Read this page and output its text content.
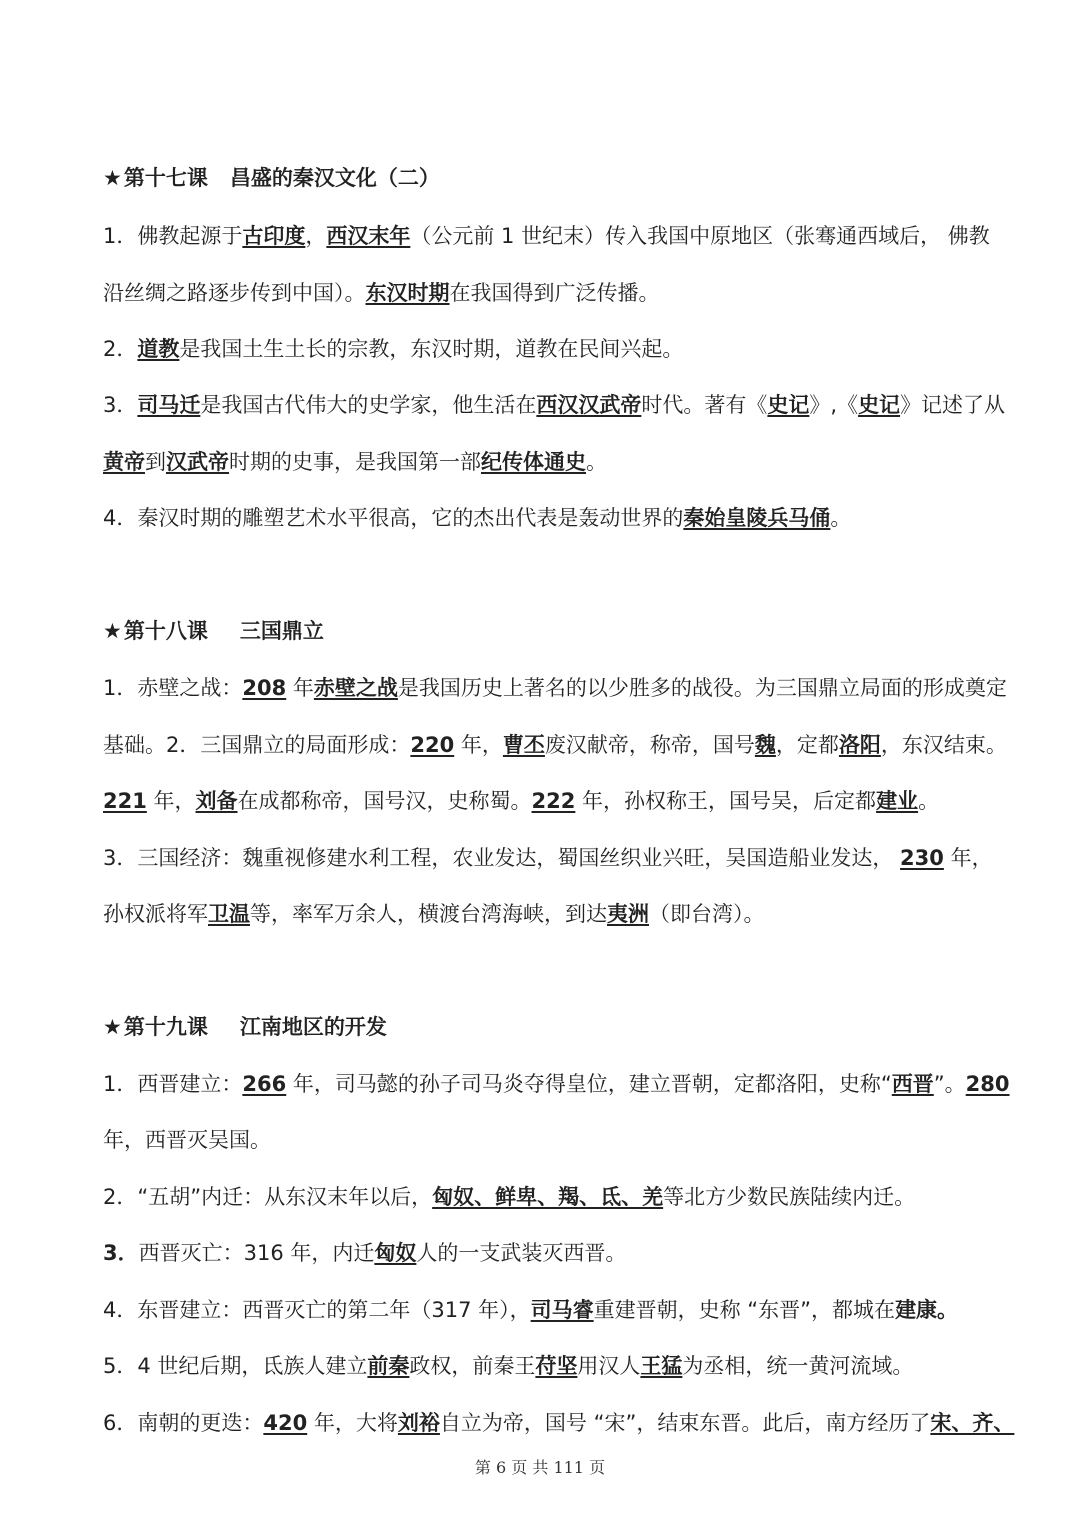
★第十七课 昌盛的秦汉文化（二）

1．佛教起源于古印度，西汉末年（公元前 1 世纪末）传入我国中原地区（张骞通西域后， 佛教

沿丝绸之路逐步传到中国）。东汉时期在我国得到广泛传播。

2．道教是我国土生土长的宗教，东汉时期，道教在民间兴起。

3．司马迁是我国古代伟大的史学家，他生活在西汉汉武帝时代。著有《史记》,《史记》记述了从

黄帝到汉武帝时期的史事，是我国第一部纪传体通史。

4．秦汉时期的雕塑艺术水平很高，它的杰出代表是轰动世界的秦始皇陵兵马俑。

★第十八课 三国鼎立

1．赤壁之战：208 年赤壁之战是我国历史上著名的以少胜多的战役。为三国鼎立局面的形成奠定

基础。2．三国鼎立的局面形成：220 年，曹丕废汉献帝，称帝，国号魏，定都洛阳，东汉结束。

221 年，刘备在成都称帝，国号汉，史称蜀。222 年，孙权称王，国号吴，后定都建业。

3．三国经济：魏重视修建水利工程，农业发达，蜀国丝织业兴旺，吴国造船业发达， 230 年，

孙权派将军卫温等，率军万余人，横渡台湾海峡，到达夷洲（即台湾）。

★第十九课 江南地区的开发

1．西晋建立：266 年，司马懿的孙子司马炎夺得皇位，建立晋朝，定都洛阳，史称“西晋”。280

年，西晋灭吴国。

2．“五胡”内迁：从东汉末年以后，匈奴、鲜卑、羯、氐、羌等北方少数民族陆续内迁。

3．西晋灭亡：316 年，内迁匈奴人的一支武装灭西晋。

4．东晋建立：西晋灭亡的第二年（317 年），司马睿重建晋朝，史称 “东晋”，都城在建康。

5．4 世纪后期，氐族人建立前秦政权，前秦王苻坚用汉人王猛为丞相，统一黄河流域。

6．南朝的更迭：420 年，大将刘裕自立为帝，国号 “宋”，结束东晋。此后，南方经历了宋、齐、

第 6 页 共 111 页
